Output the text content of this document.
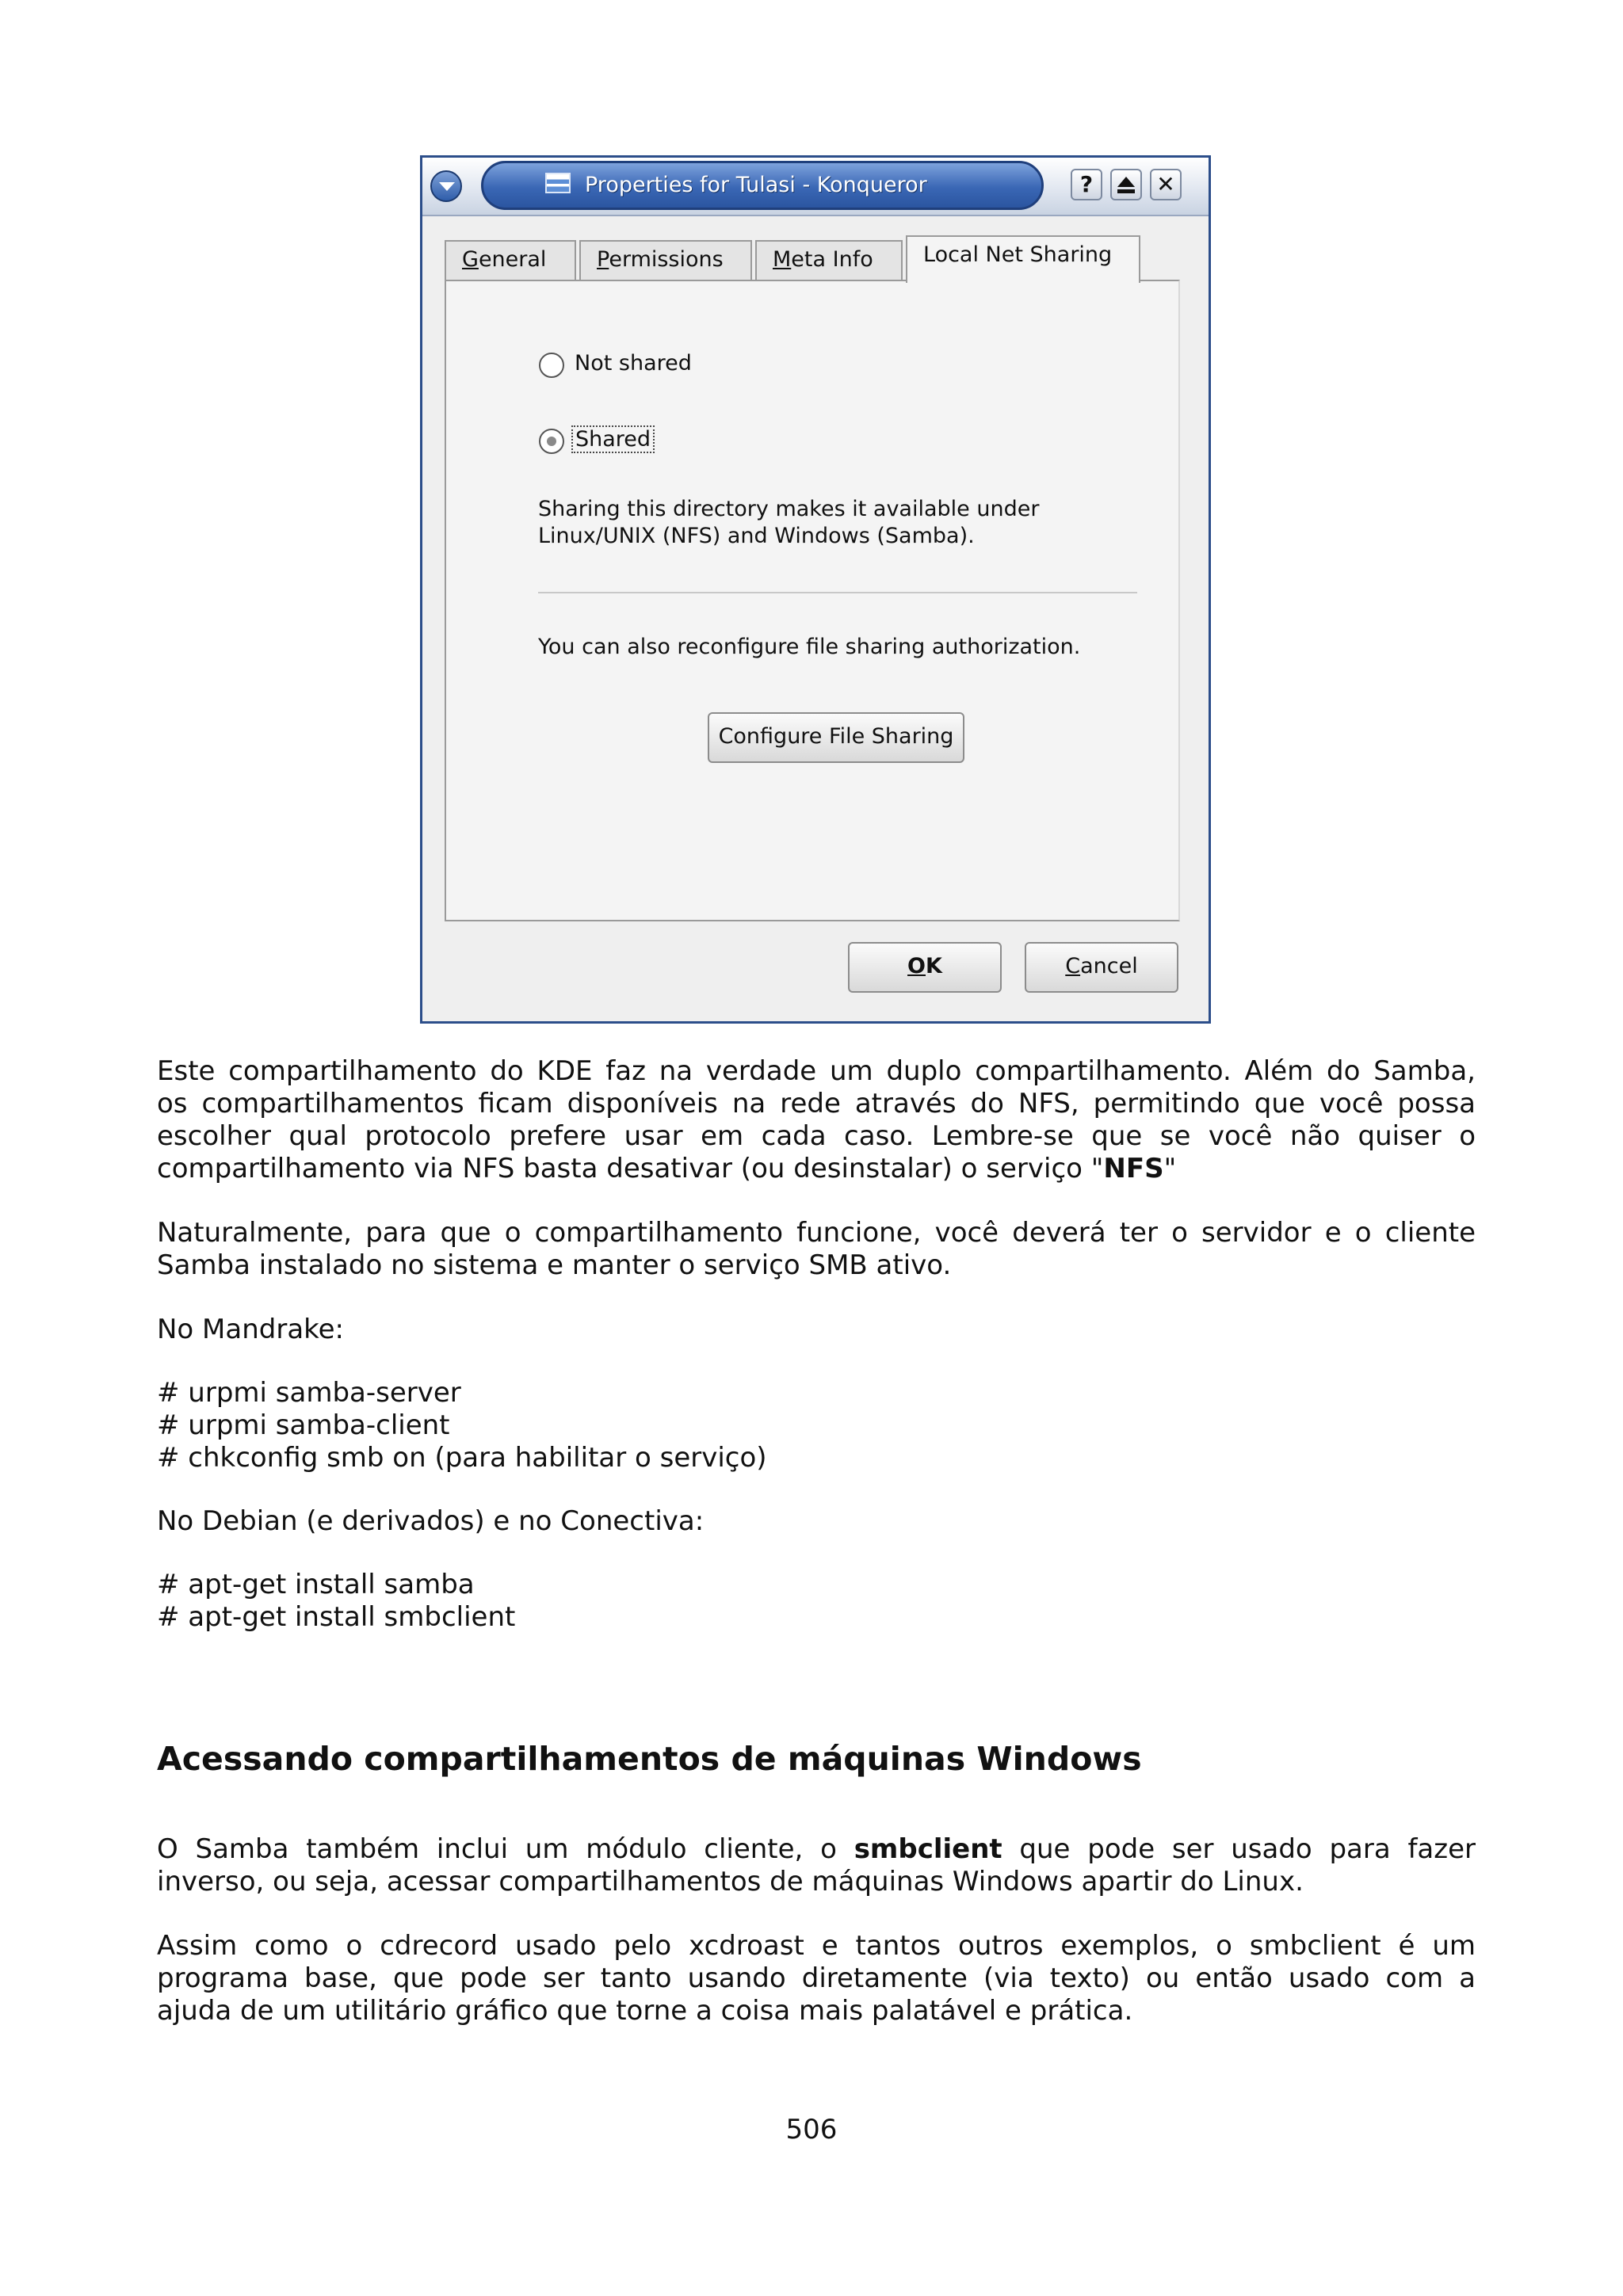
Properties for Tulasi - Konqueror	?	✕
General	Permissions	Meta Info	Local Net Sharing
Not shared
Shared
Sharing this directory makes it available under
Linux/UNIX (NFS) and Windows (Samba).
You can also reconfigure file sharing authorization.
Configure File Sharing
OK	Cancel
Este compartilhamento do KDE faz na verdade um duplo compartilhamento. Além do Samba,
os compartilhamentos ficam disponíveis na rede através do NFS, permitindo que você possa
escolher qual protocolo prefere usar em cada caso. Lembre-se que se você não quiser o
compartilhamento via NFS basta desativar (ou desinstalar) o serviço "NFS"
Naturalmente, para que o compartilhamento funcione, você deverá ter o servidor e o cliente
Samba instalado no sistema e manter o serviço SMB ativo.
No Mandrake:
# urpmi samba-server
# urpmi samba-client
# chkconfig smb on (para habilitar o serviço)
No Debian (e derivados) e no Conectiva:
# apt-get install samba
# apt-get install smbclient
Acessando compartilhamentos de máquinas Windows
O Samba também inclui um módulo cliente, o smbclient que pode ser usado para fazer
inverso, ou seja, acessar compartilhamentos de máquinas Windows apartir do Linux.
Assim como o cdrecord usado pelo xcdroast e tantos outros exemplos, o smbclient é um
programa base, que pode ser tanto usando diretamente (via texto) ou então usado com a
ajuda de um utilitário gráfico que torne a coisa mais palatável e prática.
506
